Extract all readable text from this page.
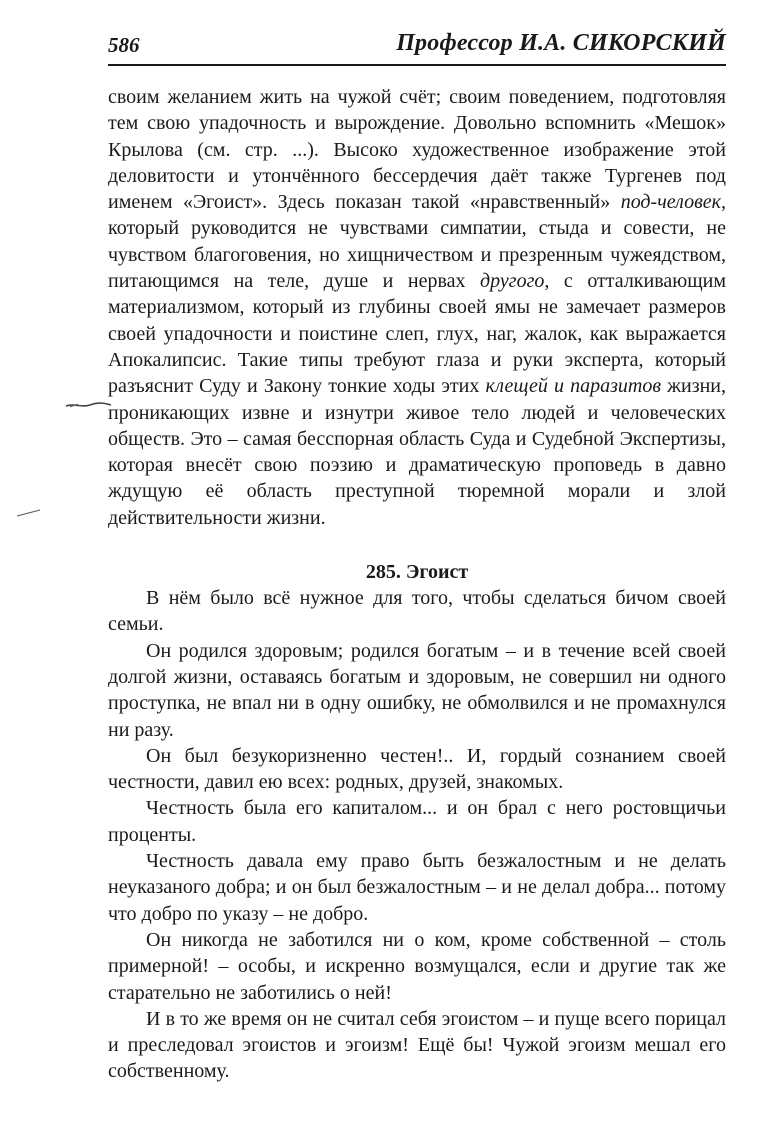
586	Профессор И.А. СИКОРСКИЙ

своим желанием жить на чужой счёт; своим поведением, подготовляя тем свою упадочность и вырождение. Довольно вспомнить «Мешок» Крылова (см. стр. ...). Высоко художественное изображение этой деловитости и утончённого бессердечия даёт также Тургенев под именем «Эгоист». Здесь показан такой «нравственный» под-человек, который руководится не чувствами симпатии, стыда и совести, не чувством благоговения, но хищничеством и презренным чужеядством, питающимся на теле, душе и нервах другого, с отталкивающим материализмом, который из глубины своей ямы не замечает размеров своей упадочности и поистине слеп, глух, наг, жалок, как выражается Апокалипсис. Такие типы требуют глаза и руки эксперта, который разъяснит Суду и Закону тонкие ходы этих клещей и паразитов жизни, проникающих извне и изнутри живое тело людей и человеческих обществ. Это – самая бесспорная область Суда и Судебной Экспертизы, которая внесёт свою поэзию и драматическую проповедь в давно ждущую её область преступной тюремной морали и злой действительности жизни.

285. Эгоист

В нём было всё нужное для того, чтобы сделаться бичом своей семьи.

Он родился здоровым; родился богатым – и в течение всей своей долгой жизни, оставаясь богатым и здоровым, не совершил ни одного проступка, не впал ни в одну ошибку, не обмолвился и не промахнулся ни разу.

Он был безукоризненно честен!.. И, гордый сознанием своей честности, давил ею всех: родных, друзей, знакомых.

Честность была его капиталом... и он брал с него ростовщичьи проценты.

Честность давала ему право быть безжалостным и не делать неуказаного добра; и он был безжалостным – и не делал добра... потому что добро по указу – не добро.

Он никогда не заботился ни о ком, кроме собственной – столь примерной! – особы, и искренно возмущался, если и другие так же старательно не заботились о ней!

И в то же время он не считал себя эгоистом – и пуще всего порицал и преследовал эгоистов и эгоизм! Ещё бы! Чужой эгоизм мешал его собственному.
